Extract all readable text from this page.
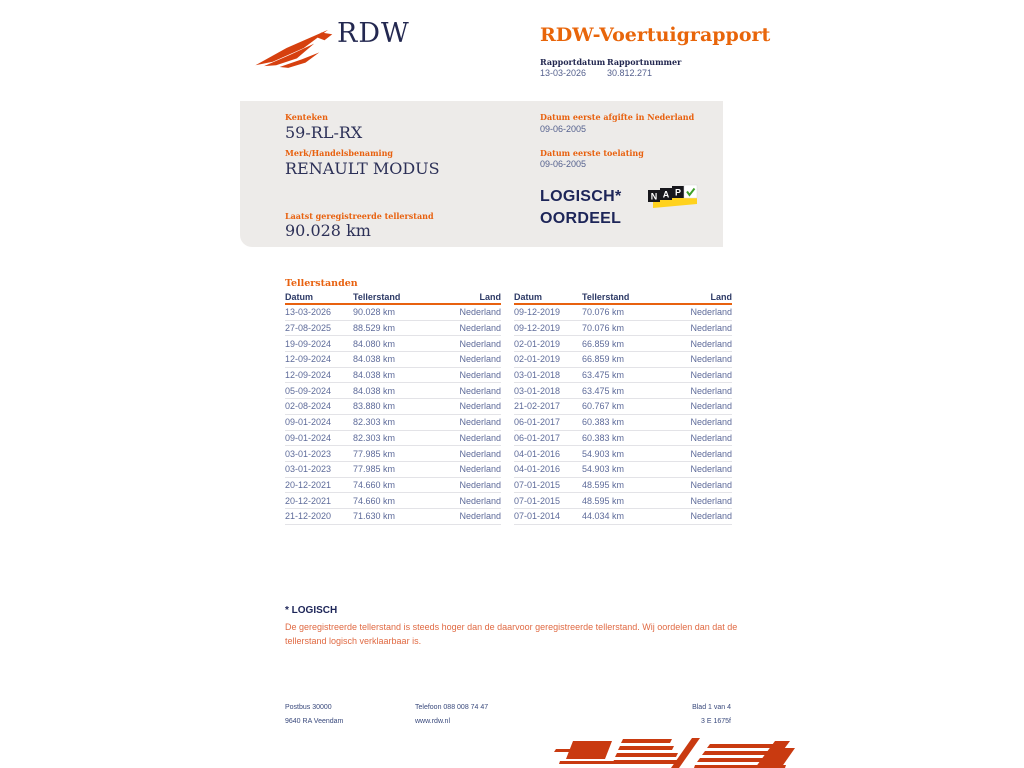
RDW	RDW-Voertuigrapport
Rapportdatum Rapportnummer
13-03-2026 30.812.271
Kenteken
59-RL-RX
Merk/Handelsbenaming
RENAULT MODUS
Laatst geregistreerde tellerstand
90.028 km
Datum eerste afgifte in Nederland
09-06-2005
Datum eerste toelating
09-06-2005
LOGISCH*
OORDEEL
N A P
Tellerstanden
Datum	Tellerstand	Land
13-03-2026	90.028 km	Nederland
27-08-2025	88.529 km	Nederland
19-09-2024	84.080 km	Nederland
12-09-2024	84.038 km	Nederland
12-09-2024	84.038 km	Nederland
05-09-2024	84.038 km	Nederland
02-08-2024	83.880 km	Nederland
09-01-2024	82.303 km	Nederland
09-01-2024	82.303 km	Nederland
03-01-2023	77.985 km	Nederland
03-01-2023	77.985 km	Nederland
20-12-2021	74.660 km	Nederland
20-12-2021	74.660 km	Nederland
21-12-2020	71.630 km	Nederland
Datum	Tellerstand	Land
09-12-2019	70.076 km	Nederland
09-12-2019	70.076 km	Nederland
02-01-2019	66.859 km	Nederland
02-01-2019	66.859 km	Nederland
03-01-2018	63.475 km	Nederland
03-01-2018	63.475 km	Nederland
21-02-2017	60.767 km	Nederland
06-01-2017	60.383 km	Nederland
06-01-2017	60.383 km	Nederland
04-01-2016	54.903 km	Nederland
04-01-2016	54.903 km	Nederland
07-01-2015	48.595 km	Nederland
07-01-2015	48.595 km	Nederland
07-01-2014	44.034 km	Nederland
* LOGISCH
De geregistreerde tellerstand is steeds hoger dan de daarvoor geregistreerde tellerstand. Wij oordelen dan dat de tellerstand logisch verklaarbaar is.
Postbus 30000
9640 RA Veendam
Telefoon 088 008 74 47
www.rdw.nl
Blad 1 van 4
3 E 1675f
